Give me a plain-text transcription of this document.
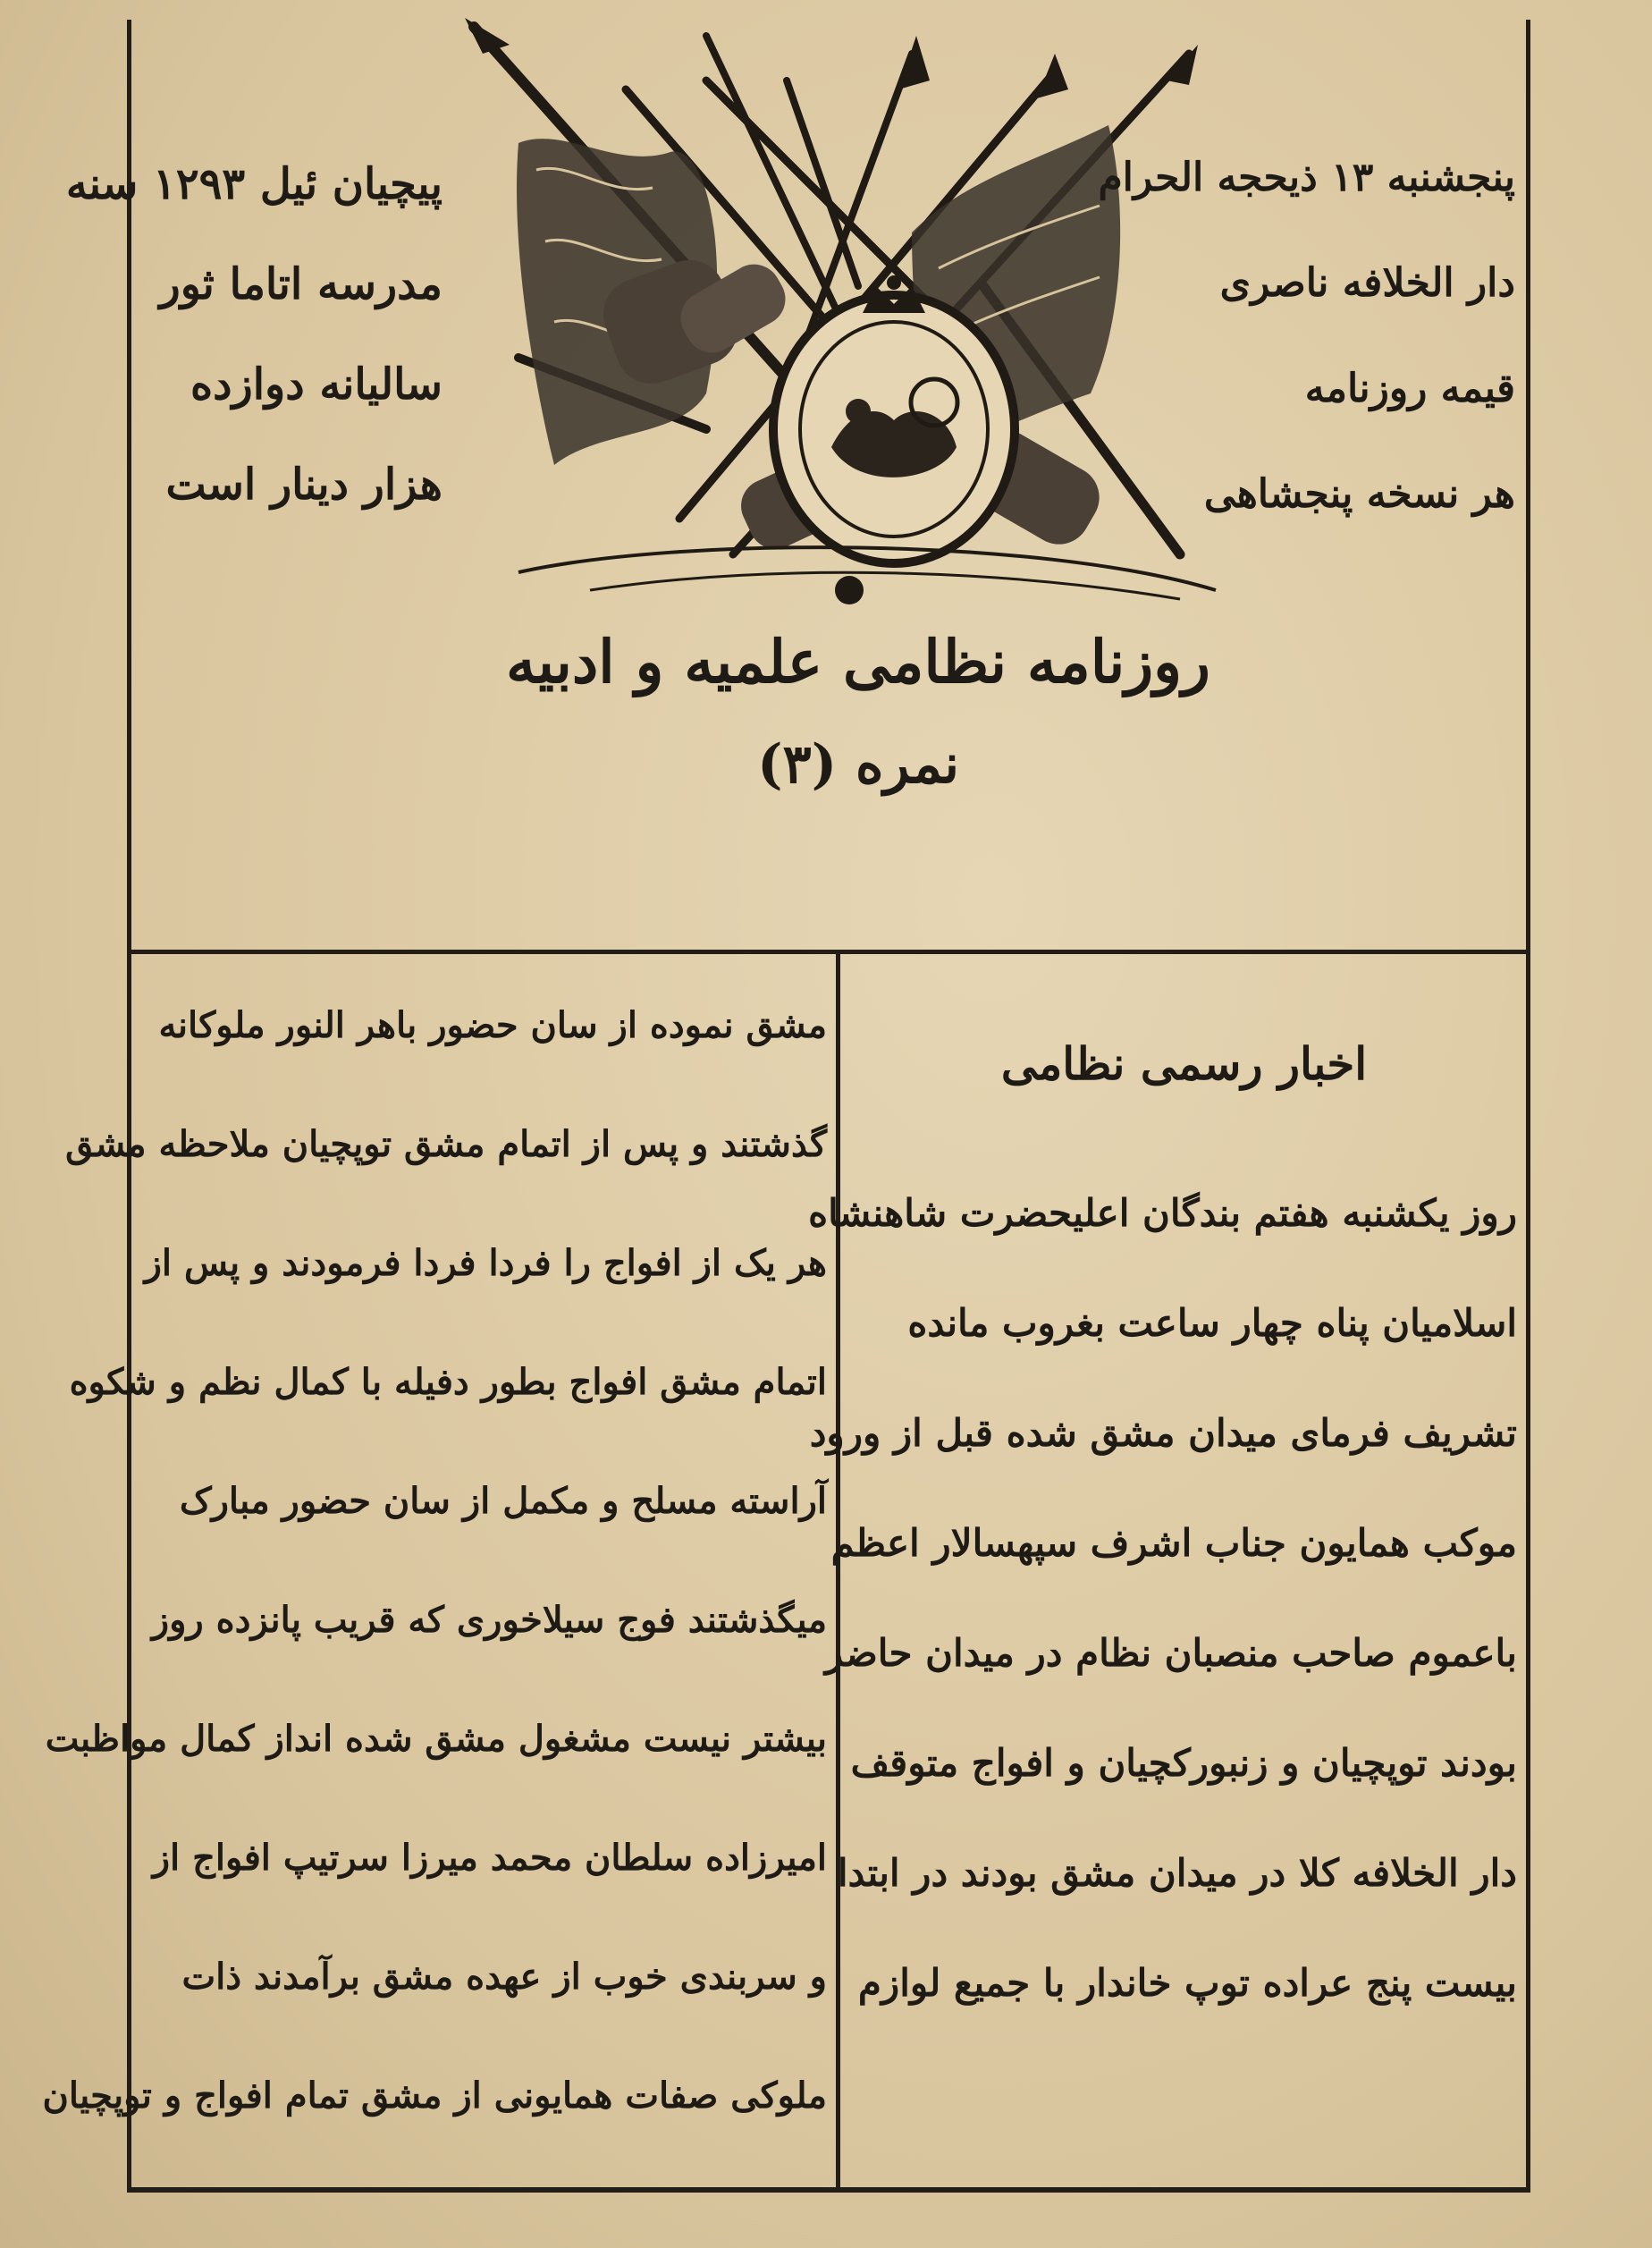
پنجشنبه ۱۳ ذیحجه الحرام
دار الخلافه ناصری
قیمه روزنامه
هر نسخه پنجشاهی
پیچیان ئیل ۱۲۹۳ سنه
مدرسه اتاما ثور
سالیانه دوازده
هزار دینار است
روزنامه نظامی علمیه و ادبیه
نمره (۳)
اخبار رسمی نظامی
روز یکشنبه هفتم بندگان اعلیحضرت شاهنشاه
اسلامیان پناه چهار ساعت بغروب مانده
تشریف فرمای میدان مشق شده قبل از ورود
موکب همایون جناب اشرف سپهسالار اعظم
باعموم صاحب منصبان نظام در میدان حاضر
بودند توپچیان و زنبورکچیان و افواج متوقف
دار الخلافه کلا در میدان مشق بودند در ابتدا
بیست پنج عراده توپ خاندار با جمیع لوازم
مشق نموده از سان حضور باهر النور ملوکانه
گذشتند و پس از اتمام مشق توپچیان ملاحظه مشق
هر یک از افواج را فردا فردا فرمودند و پس از
اتمام مشق افواج بطور دفیله با کمال نظم و شکوه
آراسته مسلح و مکمل از سان حضور مبارک
میگذشتند فوج سیلاخوری که قریب پانزده روز
بیشتر نیست مشغول مشق شده انداز کمال مواظبت
امیرزاده سلطان محمد میرزا سرتیپ افواج از
و سربندی خوب از عهده مشق برآمدند ذات
ملوکی صفات همایونی از مشق تمام افواج و توپچیان
